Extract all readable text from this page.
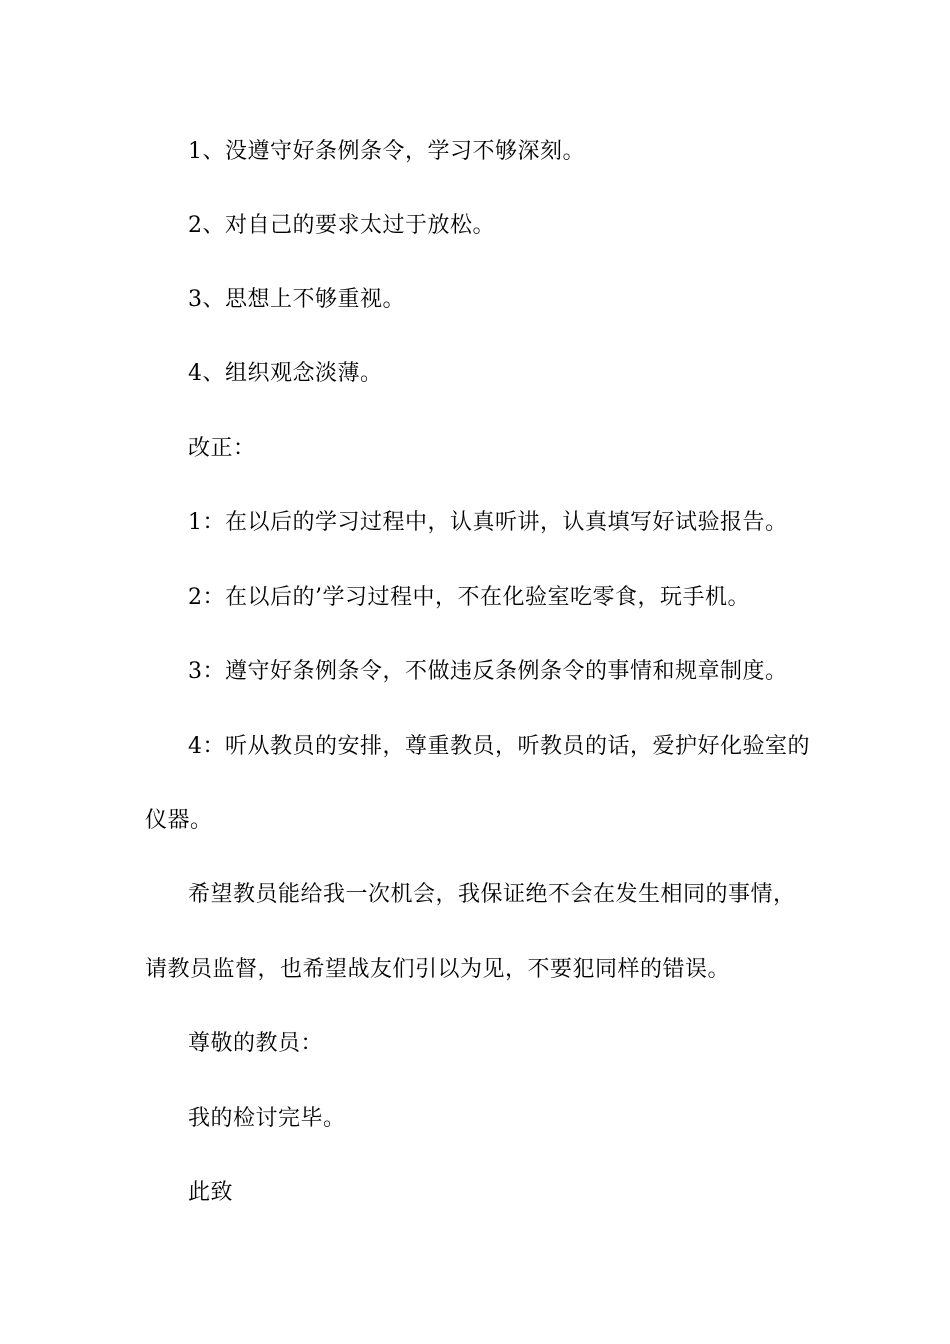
1、没遵守好条例条令，学习不够深刻。
2、对自己的要求太过于放松。
3、思想上不够重视。
4、组织观念淡薄。
改正：
1：在以后的学习过程中，认真听讲，认真填写好试验报告。
2：在以后的’学习过程中，不在化验室吃零食，玩手机。
3：遵守好条例条令，不做违反条例条令的事情和规章制度。
4：听从教员的安排，尊重教员，听教员的话，爱护好化验室的
仪器。
希望教员能给我一次机会，我保证绝不会在发生相同的事情，
请教员监督，也希望战友们引以为见，不要犯同样的错误。
尊敬的教员：
我的检讨完毕。
此致
